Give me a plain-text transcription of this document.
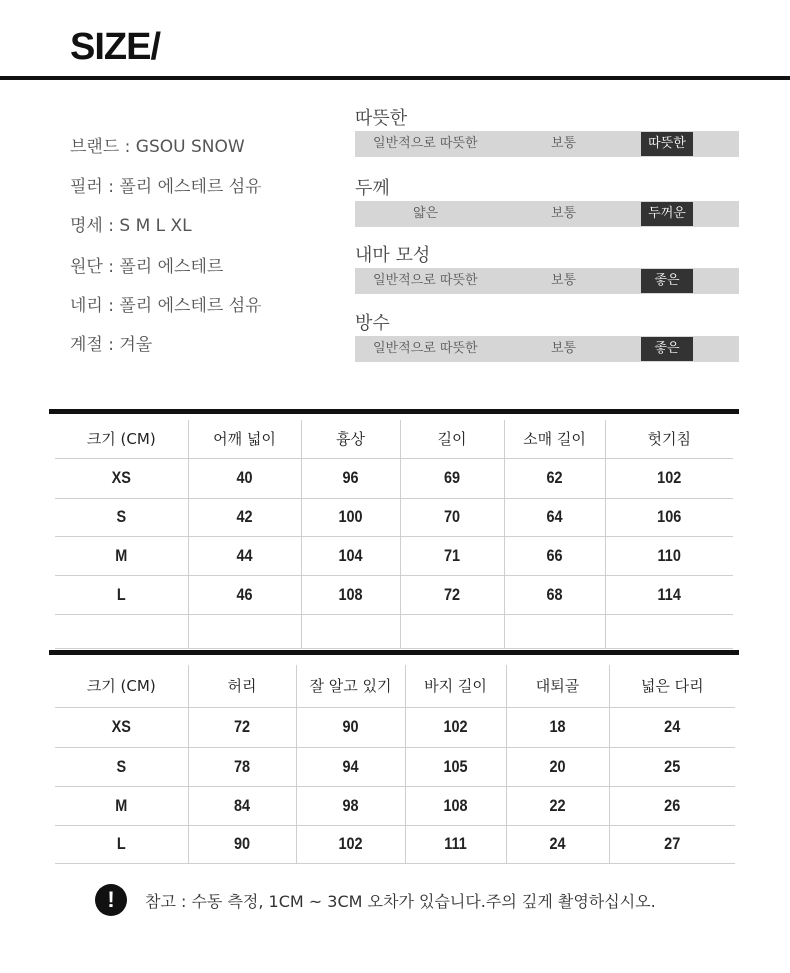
SIZE/
브랜드 : GSOU SNOW
필러 : 폴리 에스테르 섬유
명세 : S M L XL
원단 : 폴리 에스테르
네리 : 폴리 에스테르 섬유
계절 : 겨울
따뜻한
일반적으로 따뜻한	보통	따뜻한
두께
얇은	보통	두꺼운
내마 모성
일반적으로 따뜻한	보통	좋은
방수
일반적으로 따뜻한	보통	좋은
크기 (CM)	어깨 넓이	흉상	길이	소매 길이	헛기침
XS	40	96	69	62	102
S	42	100	70	64	106
M	44	104	71	66	110
L	46	108	72	68	114

크기 (CM)	허리	잘 알고 있기	바지 길이	대퇴골	넓은 다리
XS	72	90	102	18	24
S	78	94	105	20	25
M	84	98	108	22	26
L	90	102	111	24	27
!	참고 : 수동 측정, 1CM ~ 3CM 오차가 있습니다.주의 깊게 촬영하십시오.
